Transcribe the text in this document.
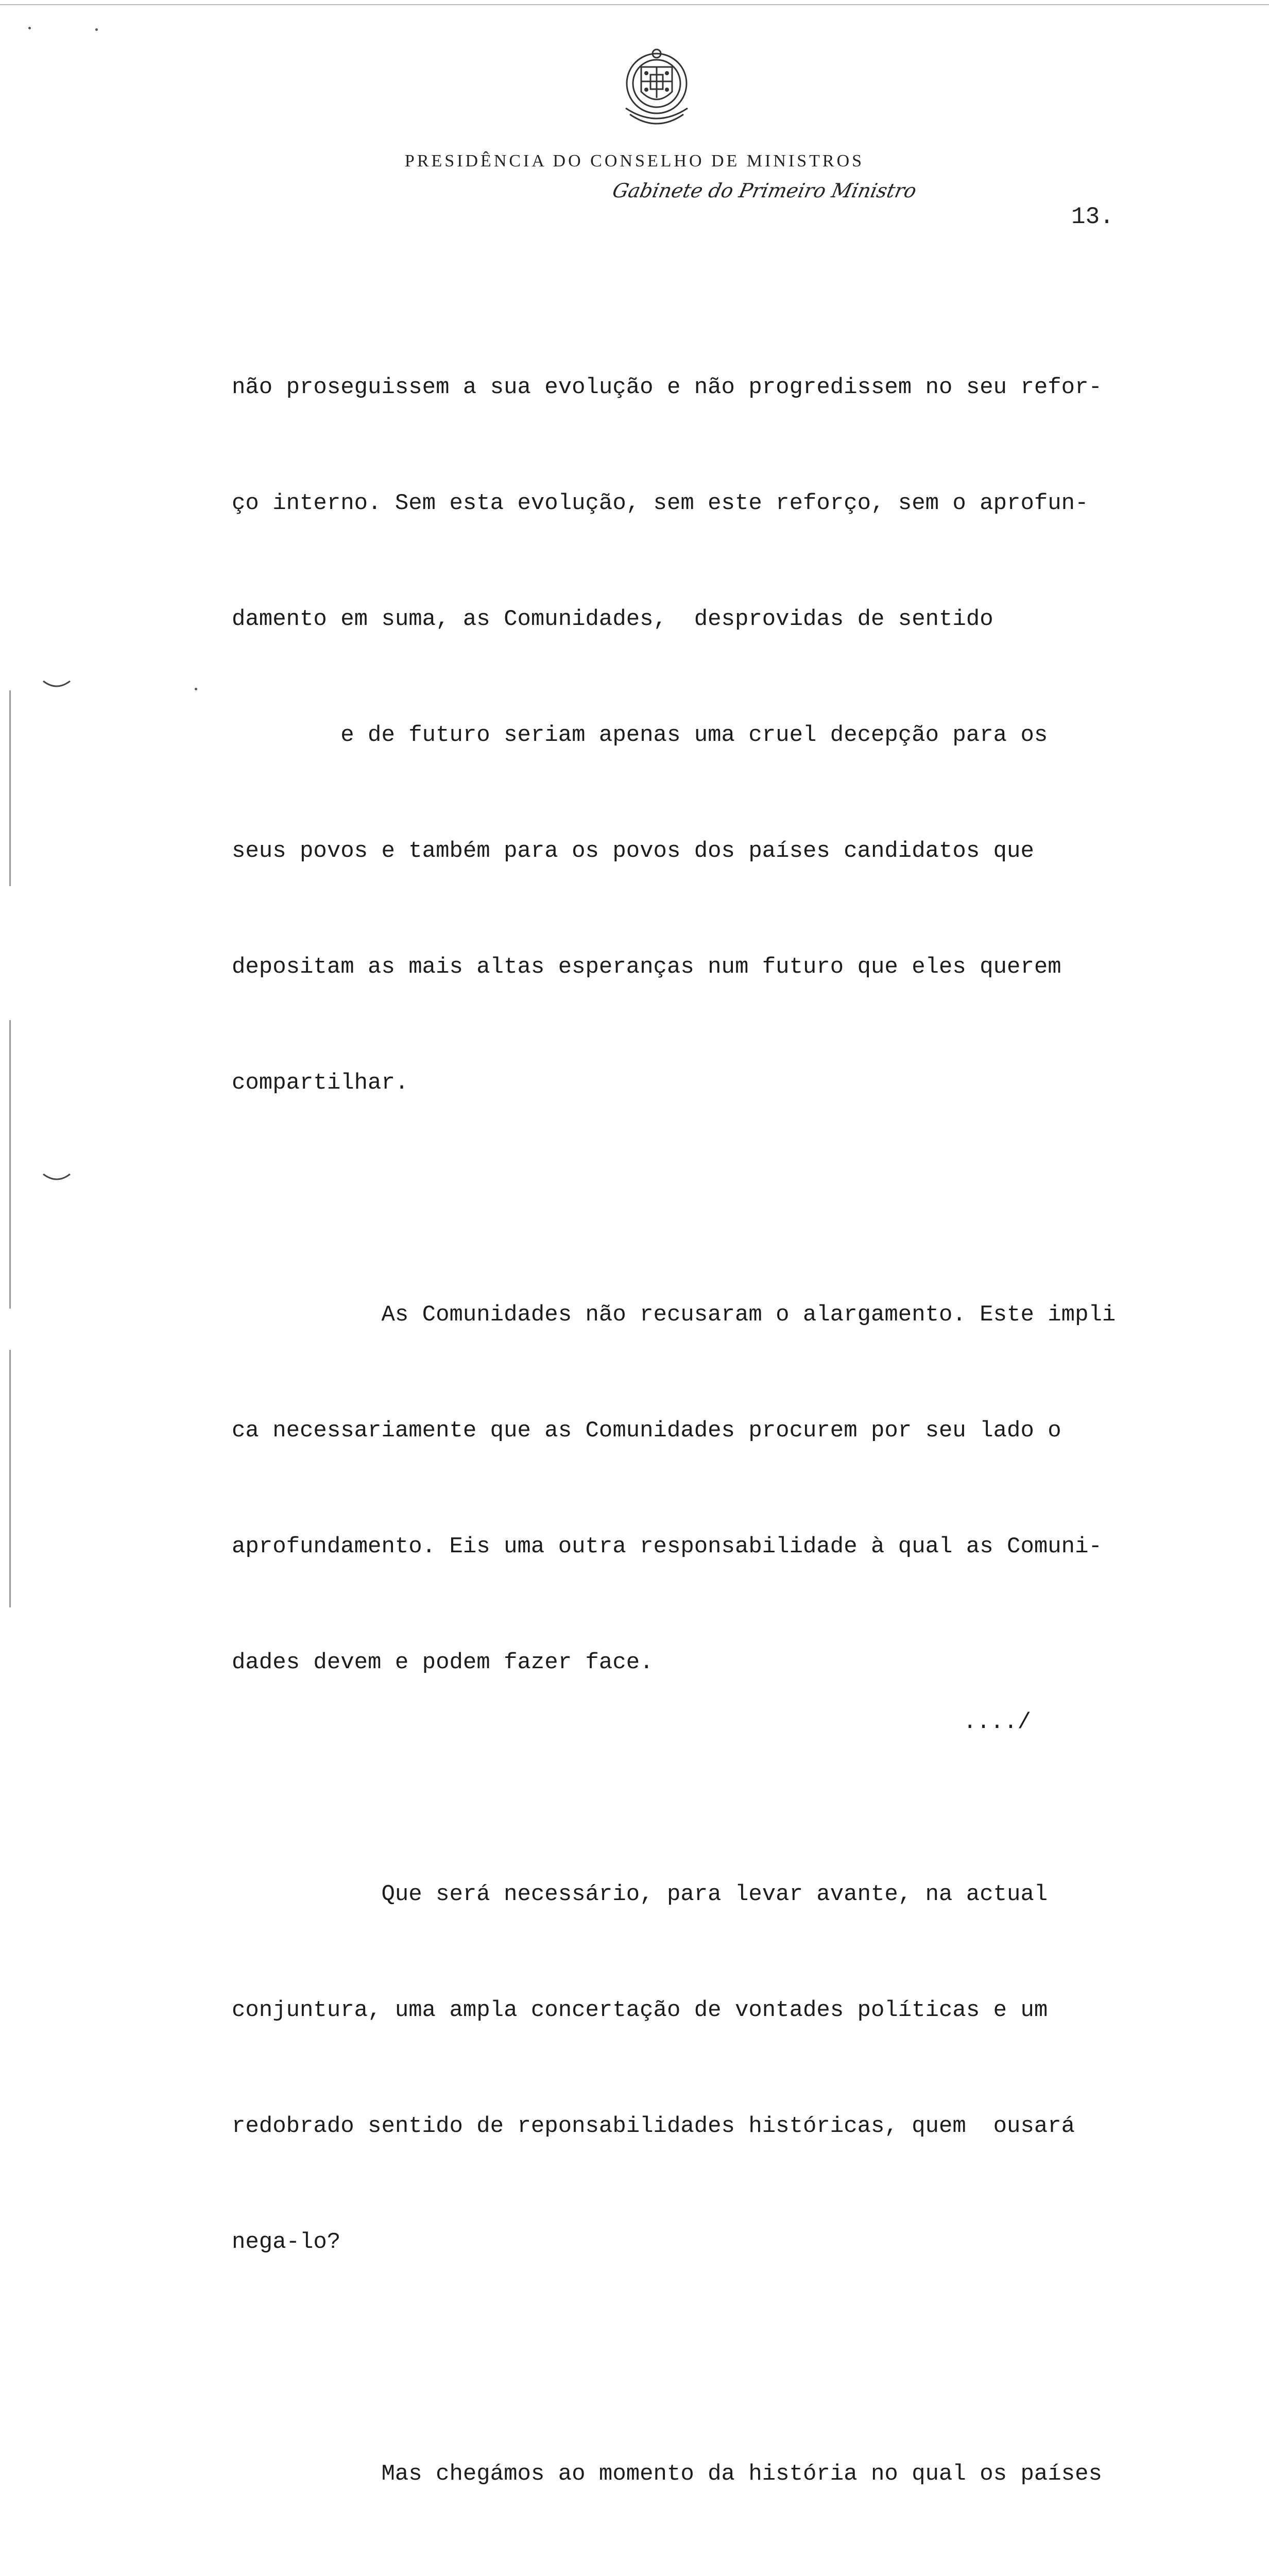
PRESIDÊNCIA DO CONSELHO DE MINISTROS
Gabinete do Primeiro Ministro
13.

não proseguissem a sua evolução e não progredissem no seu refor-

ço interno. Sem esta evolução, sem este reforço, sem o aprofun-

damento em suma, as Comunidades,  desprovidas de sentido

e de futuro seriam apenas uma cruel decepção para os

seus povos e também para os povos dos países candidatos que

depositam as mais altas esperanças num futuro que eles querem

compartilhar.

As Comunidades não recusaram o alargamento. Este impli

ca necessariamente que as Comunidades procurem por seu lado o

aprofundamento. Eis uma outra responsabilidade à qual as Comuni-

dades devem e podem fazer face.

Que será necessário, para levar avante, na actual

conjuntura, uma ampla concertação de vontades políticas e um

redobrado sentido de reponsabilidades históricas, quem  ousará

nega-lo?

Mas chegámos ao momento da história no qual os países

..../
